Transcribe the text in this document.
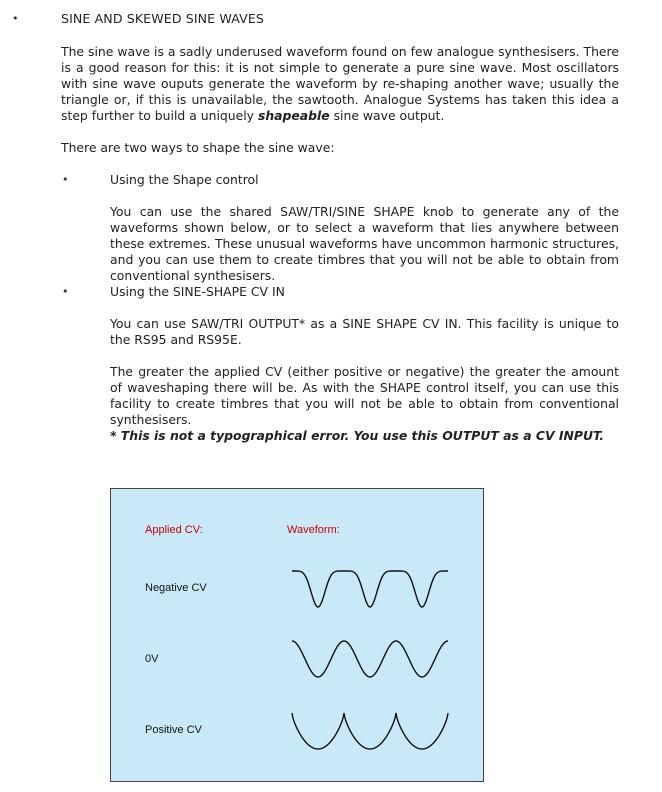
•	SINE AND SKEWED SINE WAVES

The sine wave is a sadly underused waveform found on few analogue synthesisers. There is a good reason for this: it is not simple to generate a pure sine wave. Most oscillators with sine wave ouputs generate the waveform by re-shaping another wave; usually the triangle or, if this is unavailable, the sawtooth. Analogue Systems has taken this idea a step further to build a uniquely shapeable sine wave output.

There are two ways to shape the sine wave:

•	Using the Shape control

You can use the shared SAW/TRI/SINE SHAPE knob to generate any of the waveforms shown below, or to select a waveform that lies anywhere between these extremes. These unusual waveforms have uncommon harmonic structures, and you can use them to create timbres that you will not be able to obtain from conventional synthesisers.

•	Using the SINE-SHAPE CV IN

You can use SAW/TRI OUTPUT* as a SINE SHAPE CV IN. This facility is unique to the RS95 and RS95E.

The greater the applied CV (either positive or negative) the greater the amount of waveshaping there will be. As with the SHAPE control itself, you can use this facility to create timbres that you will not be able to obtain from conventional synthesisers.

* This is not a typographical error. You use this OUTPUT as a CV INPUT.
Applied CV:	Waveform:
Negative CV
0V
Positive CV
